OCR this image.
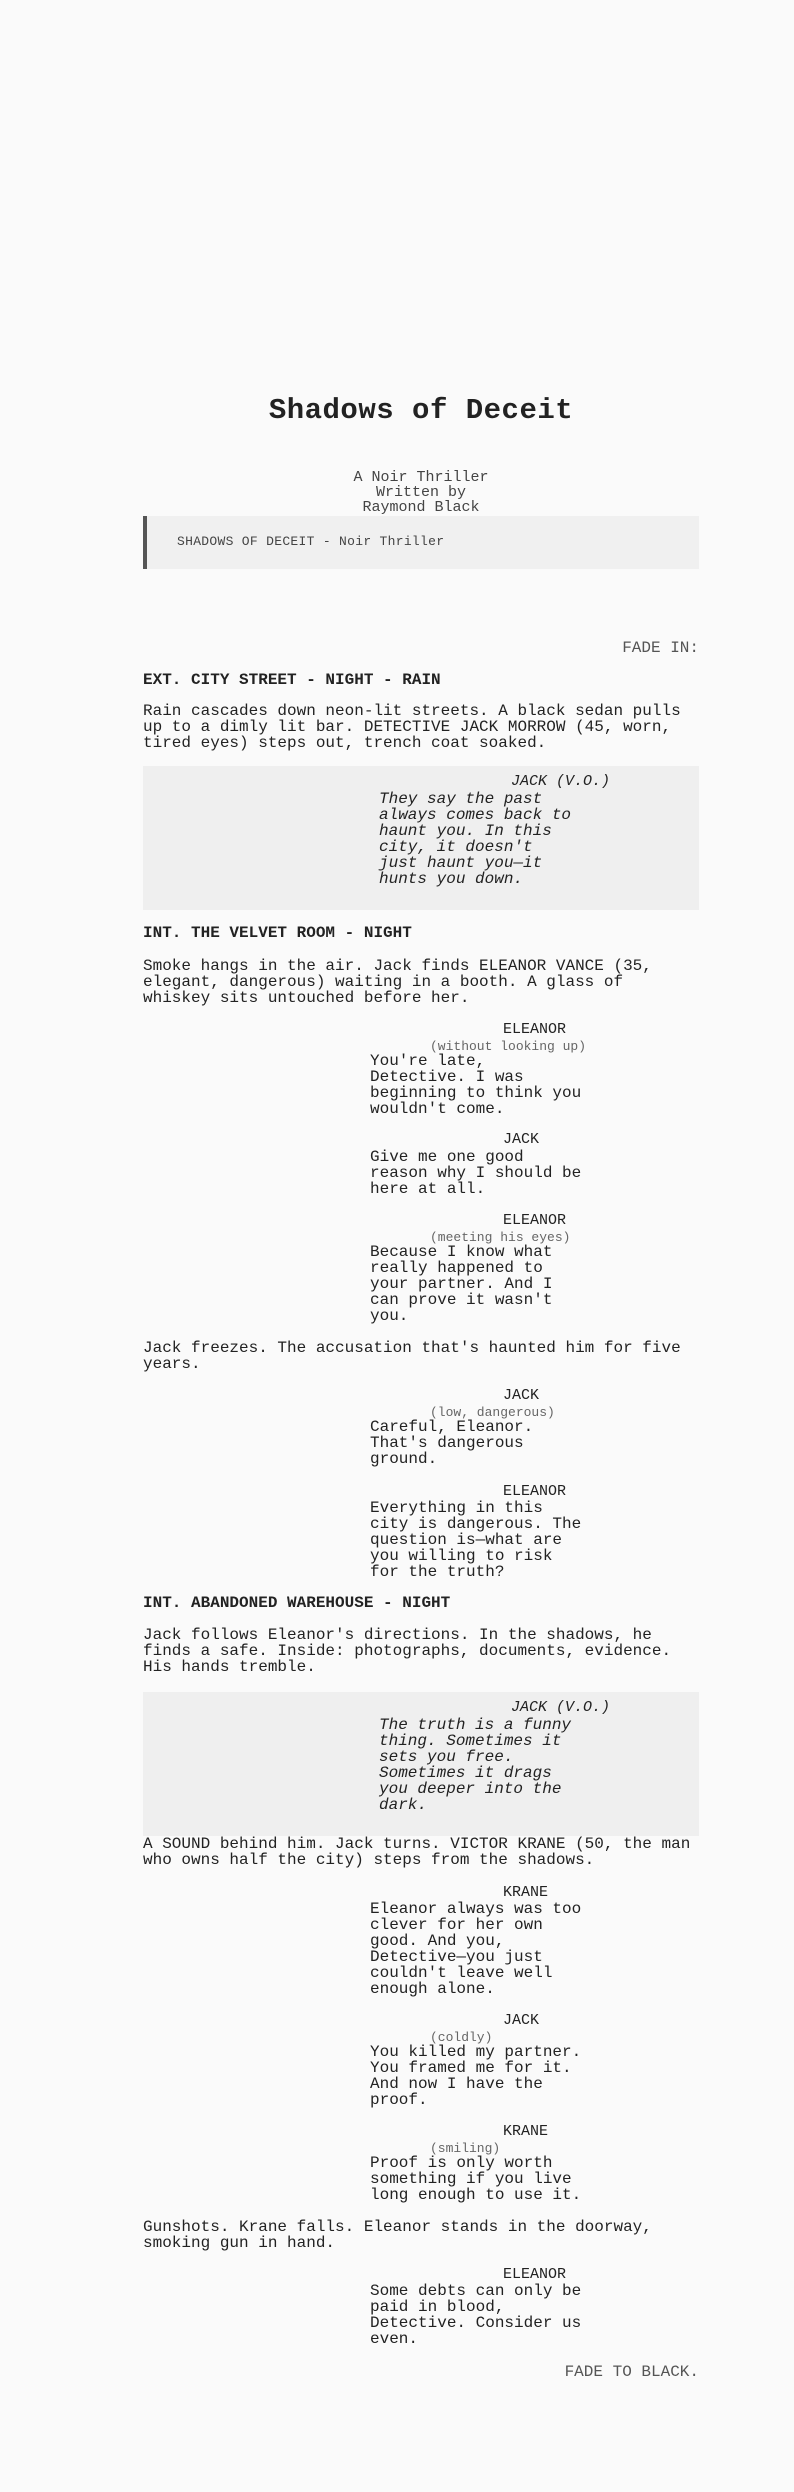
Shadows of Deceit
A Noir Thriller
Written by
Raymond Black
SHADOWS OF DECEIT - Noir Thriller
FADE IN:
EXT. CITY STREET - NIGHT - RAIN
Rain cascades down neon-lit streets. A black sedan pulls
up to a dimly lit bar. DETECTIVE JACK MORROW (45, worn,
tired eyes) steps out, trench coat soaked.
JACK (V.O.)
They say the past
always comes back to
haunt you. In this
city, it doesn't
just haunt you—it
hunts you down.
INT. THE VELVET ROOM - NIGHT
Smoke hangs in the air. Jack finds ELEANOR VANCE (35,
elegant, dangerous) waiting in a booth. A glass of
whiskey sits untouched before her.
ELEANOR
(without looking up)
You're late,
Detective. I was
beginning to think you
wouldn't come.
JACK
Give me one good
reason why I should be
here at all.
ELEANOR
(meeting his eyes)
Because I know what
really happened to
your partner. And I
can prove it wasn't
you.
Jack freezes. The accusation that's haunted him for five
years.
JACK
(low, dangerous)
Careful, Eleanor.
That's dangerous
ground.
ELEANOR
Everything in this
city is dangerous. The
question is—what are
you willing to risk
for the truth?
INT. ABANDONED WAREHOUSE - NIGHT
Jack follows Eleanor's directions. In the shadows, he
finds a safe. Inside: photographs, documents, evidence.
His hands tremble.
JACK (V.O.)
The truth is a funny
thing. Sometimes it
sets you free.
Sometimes it drags
you deeper into the
dark.
A SOUND behind him. Jack turns. VICTOR KRANE (50, the man
who owns half the city) steps from the shadows.
KRANE
Eleanor always was too
clever for her own
good. And you,
Detective—you just
couldn't leave well
enough alone.
JACK
(coldly)
You killed my partner.
You framed me for it.
And now I have the
proof.
KRANE
(smiling)
Proof is only worth
something if you live
long enough to use it.
Gunshots. Krane falls. Eleanor stands in the doorway,
smoking gun in hand.
ELEANOR
Some debts can only be
paid in blood,
Detective. Consider us
even.
FADE TO BLACK.
